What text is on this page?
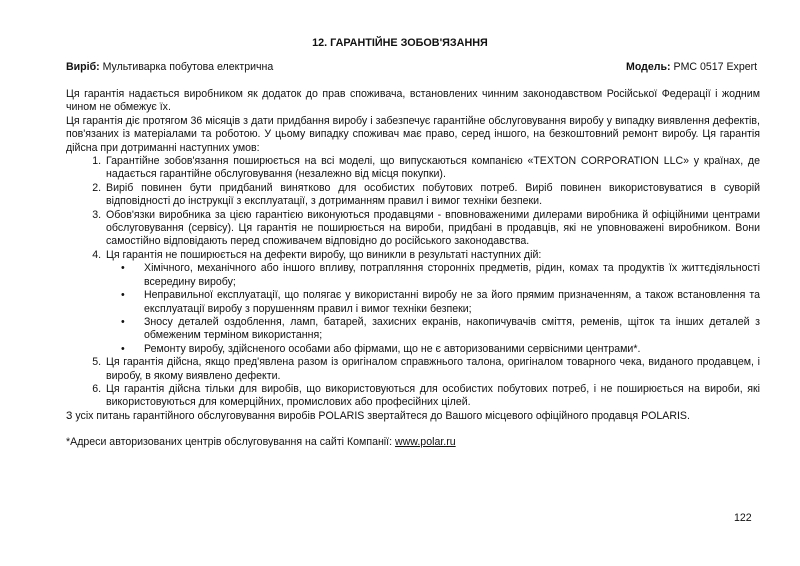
12. ГАРАНТІЙНЕ ЗОБОВ'ЯЗАННЯ
Виріб: Мультиварка побутова електрична	Модель: PMC 0517 Expert

Ця гарантія надається виробником як додаток до прав споживача, встановлених чинним законодавством Російської Федерації і жодним чином не обмежує їх.

Ця гарантія діє протягом 36 місяців з дати придбання виробу і забезпечує гарантійне обслуговування виробу у випадку виявлення дефектів, пов'язаних із матеріалами та роботою. У цьому випадку споживач має право, серед іншого, на безкоштовний ремонт виробу. Ця гарантія дійсна при дотриманні наступних умов:

1. Гарантійне зобов'язання поширюється на всі моделі, що випускаються компанією «TEXTON CORPORATION LLC» у країнах, де надається гарантійне обслуговування (незалежно від місця покупки).
2. Виріб повинен бути придбаний винятково для особистих побутових потреб. Виріб повинен використовуватися в суворій відповідності до інструкції з експлуатації, з дотриманням правил і вимог техніки безпеки.
3. Обов'язки виробника за цією гарантією виконуються продавцями - вповноваженими дилерами виробника й офіційними центрами обслуговування (сервісу). Ця гарантія не поширюється на вироби, придбані в продавців, які не уповноважені виробником. Вони самостійно відповідають перед споживачем відповідно до російського законодавства.
4. Ця гарантія не поширюється на дефекти виробу, що виникли в результаті наступних дій:
• Хімічного, механічного або іншого впливу, потрапляння сторонніх предметів, рідин, комах та продуктів їх життєдіяльності всередину виробу;
• Неправильної експлуатації, що полягає у використанні виробу не за його прямим призначенням, а також встановлення та експлуатації виробу з порушенням правил і вимог техніки безпеки;
• Зносу деталей оздоблення, ламп, батарей, захисних екранів, накопичувачів сміття, ременів, щіток та інших деталей з обмеженим терміном використання;
• Ремонту виробу, здійсненого особами або фірмами, що не є авторизованими сервісними центрами*.
5. Ця гарантія дійсна, якщо пред'явлена разом із оригіналом справжнього талона, оригіналом товарного чека, виданого продавцем, і виробу, в якому виявлено дефекти.
6. Ця гарантія дійсна тільки для виробів, що використовуються для особистих побутових потреб, і не поширюється на вироби, які використовуються для комерційних, промислових або професійних цілей.

З усіх питань гарантійного обслуговування виробів POLARIS звертайтеся до Вашого місцевого офіційного продавця POLARIS.

*Адреси авторизованих центрів обслуговування на сайті Компанії: www.polar.ru

122
